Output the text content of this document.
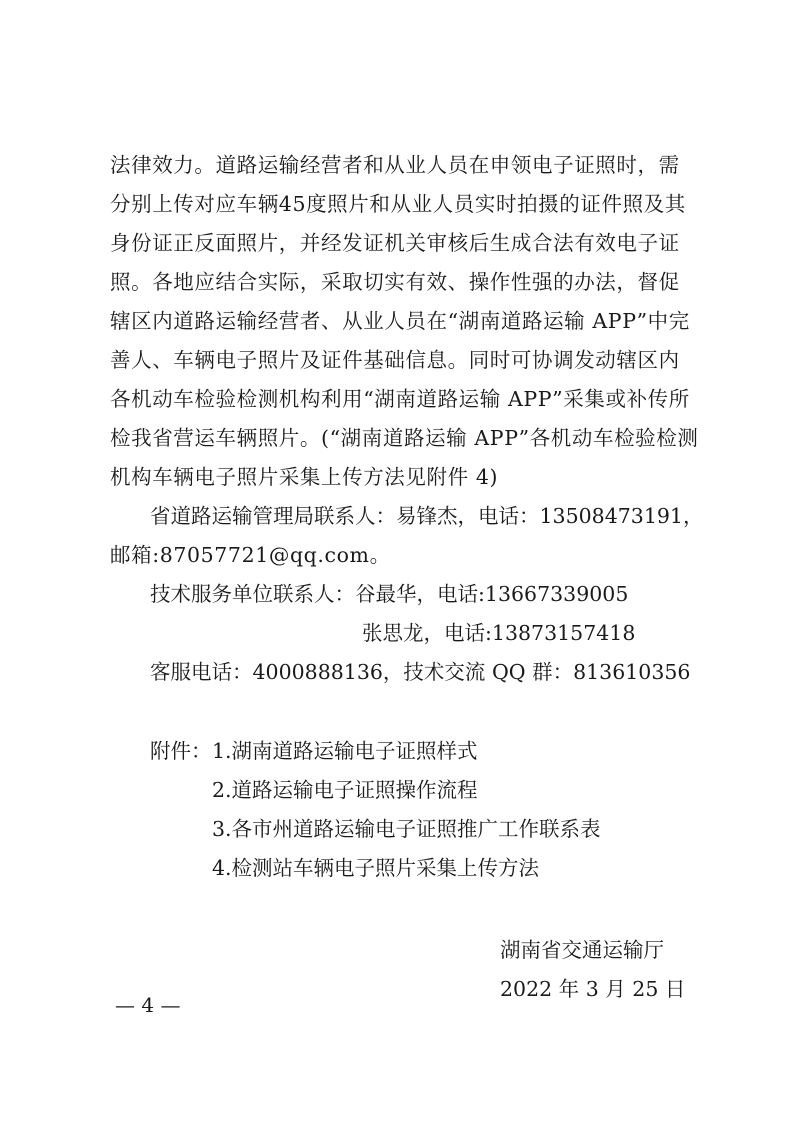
法律效力。道路运输经营者和从业人员在申领电子证照时，需
分别上传对应车辆45度照片和从业人员实时拍摄的证件照及其
身份证正反面照片，并经发证机关审核后生成合法有效电子证
照。各地应结合实际，采取切实有效、操作性强的办法，督促
辖区内道路运输经营者、从业人员在“湖南道路运输 APP”中完
善人、车辆电子照片及证件基础信息。同时可协调发动辖区内
各机动车检验检测机构利用“湖南道路运输 APP”采集或补传所
检我省营运车辆照片。(“湖南道路运输 APP”各机动车检验检测
机构车辆电子照片采集上传方法见附件 4)
省道路运输管理局联系人：易锋杰，电话：13508473191，
邮箱:87057721@qq.com。
技术服务单位联系人：谷最华，电话:13667339005
张思龙，电话:13873157418
客服电话：4000888136，技术交流 QQ 群：813610356
附件： 1.湖南道路运输电子证照样式
2.道路运输电子证照操作流程
3.各市州道路运输电子证照推广工作联系表
4.检测站车辆电子照片采集上传方法
湖南省交通运输厅
2022 年 3 月 25 日
— 4 —
